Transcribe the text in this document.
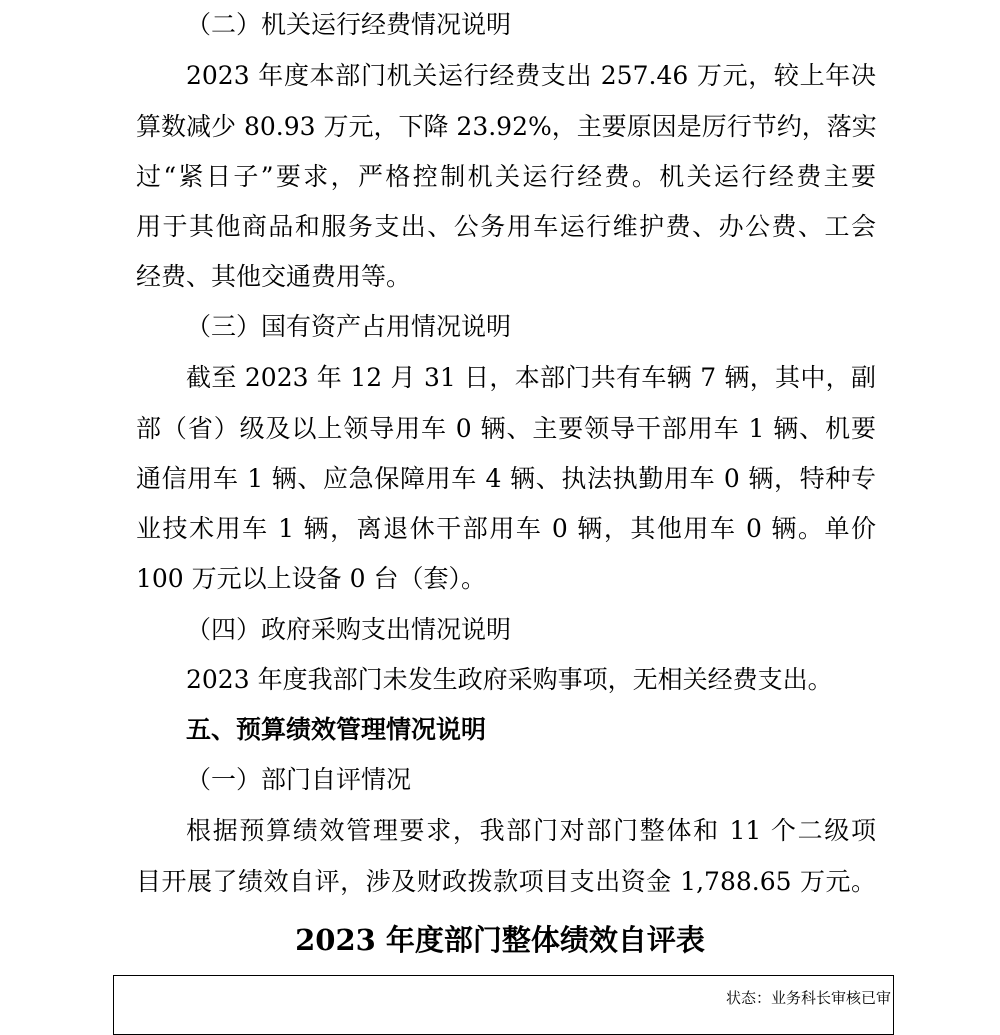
（二）机关运行经费情况说明
2023 年度本部门机关运行经费支出 257.46 万元，较上年决
算数减少 80.93 万元，下降 23.92%，主要原因是厉行节约，落实
过“紧日子”要求，严格控制机关运行经费。机关运行经费主要
用于其他商品和服务支出、公务用车运行维护费、办公费、工会
经费、其他交通费用等。
（三）国有资产占用情况说明
截至 2023 年 12 月 31 日，本部门共有车辆 7 辆，其中，副
部（省）级及以上领导用车 0 辆、主要领导干部用车 1 辆、机要
通信用车 1 辆、应急保障用车 4 辆、执法执勤用车 0 辆，特种专
业技术用车 1 辆，离退休干部用车 0 辆，其他用车 0 辆。单价
100 万元以上设备 0 台（套）。
（四）政府采购支出情况说明
2023 年度我部门未发生政府采购事项，无相关经费支出。
五、预算绩效管理情况说明
（一）部门自评情况
根据预算绩效管理要求，我部门对部门整体和 11 个二级项
目开展了绩效自评，涉及财政拨款项目支出资金 1,788.65 万元。
2023 年度部门整体绩效自评表
状态：业务科长审核已审
